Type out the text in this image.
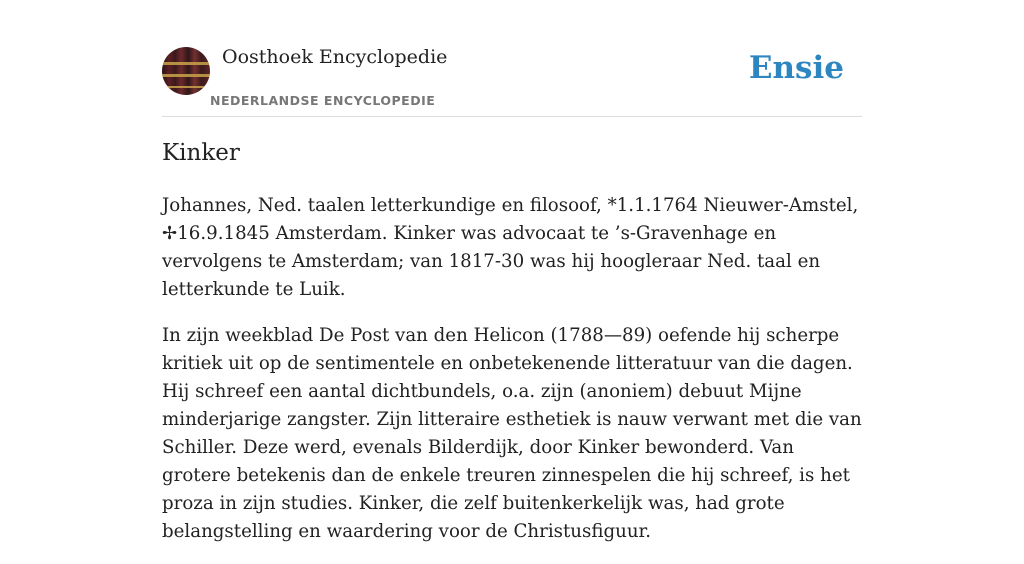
Oosthoek Encyclopedie
NEDERLANDSE ENCYCLOPEDIE
Ensie
Kinker

Johannes, Ned. taalen letterkundige en filosoof, *1.1.1764 Nieuwer-Amstel, ✢16.9.1845 Amsterdam. Kinker was advocaat te ’s-Gravenhage en vervolgens te Amsterdam; van 1817-30 was hij hoogleraar Ned. taal en letterkunde te Luik.

In zijn weekblad De Post van den Helicon (1788—89) oefende hij scherpe kritiek uit op de sentimentele en onbetekenende litteratuur van die dagen. Hij schreef een aantal dichtbundels, o.a. zijn (anoniem) debuut Mijne minderjarige zangster. Zijn litteraire esthetiek is nauw verwant met die van Schiller. Deze werd, evenals Bilderdijk, door Kinker bewonderd. Van grotere betekenis dan de enkele treuren zinnespelen die hij schreef, is het proza in zijn studies. Kinker, die zelf buitenkerkelijk was, had grote belangstelling en waardering voor de Christusfiguur.
